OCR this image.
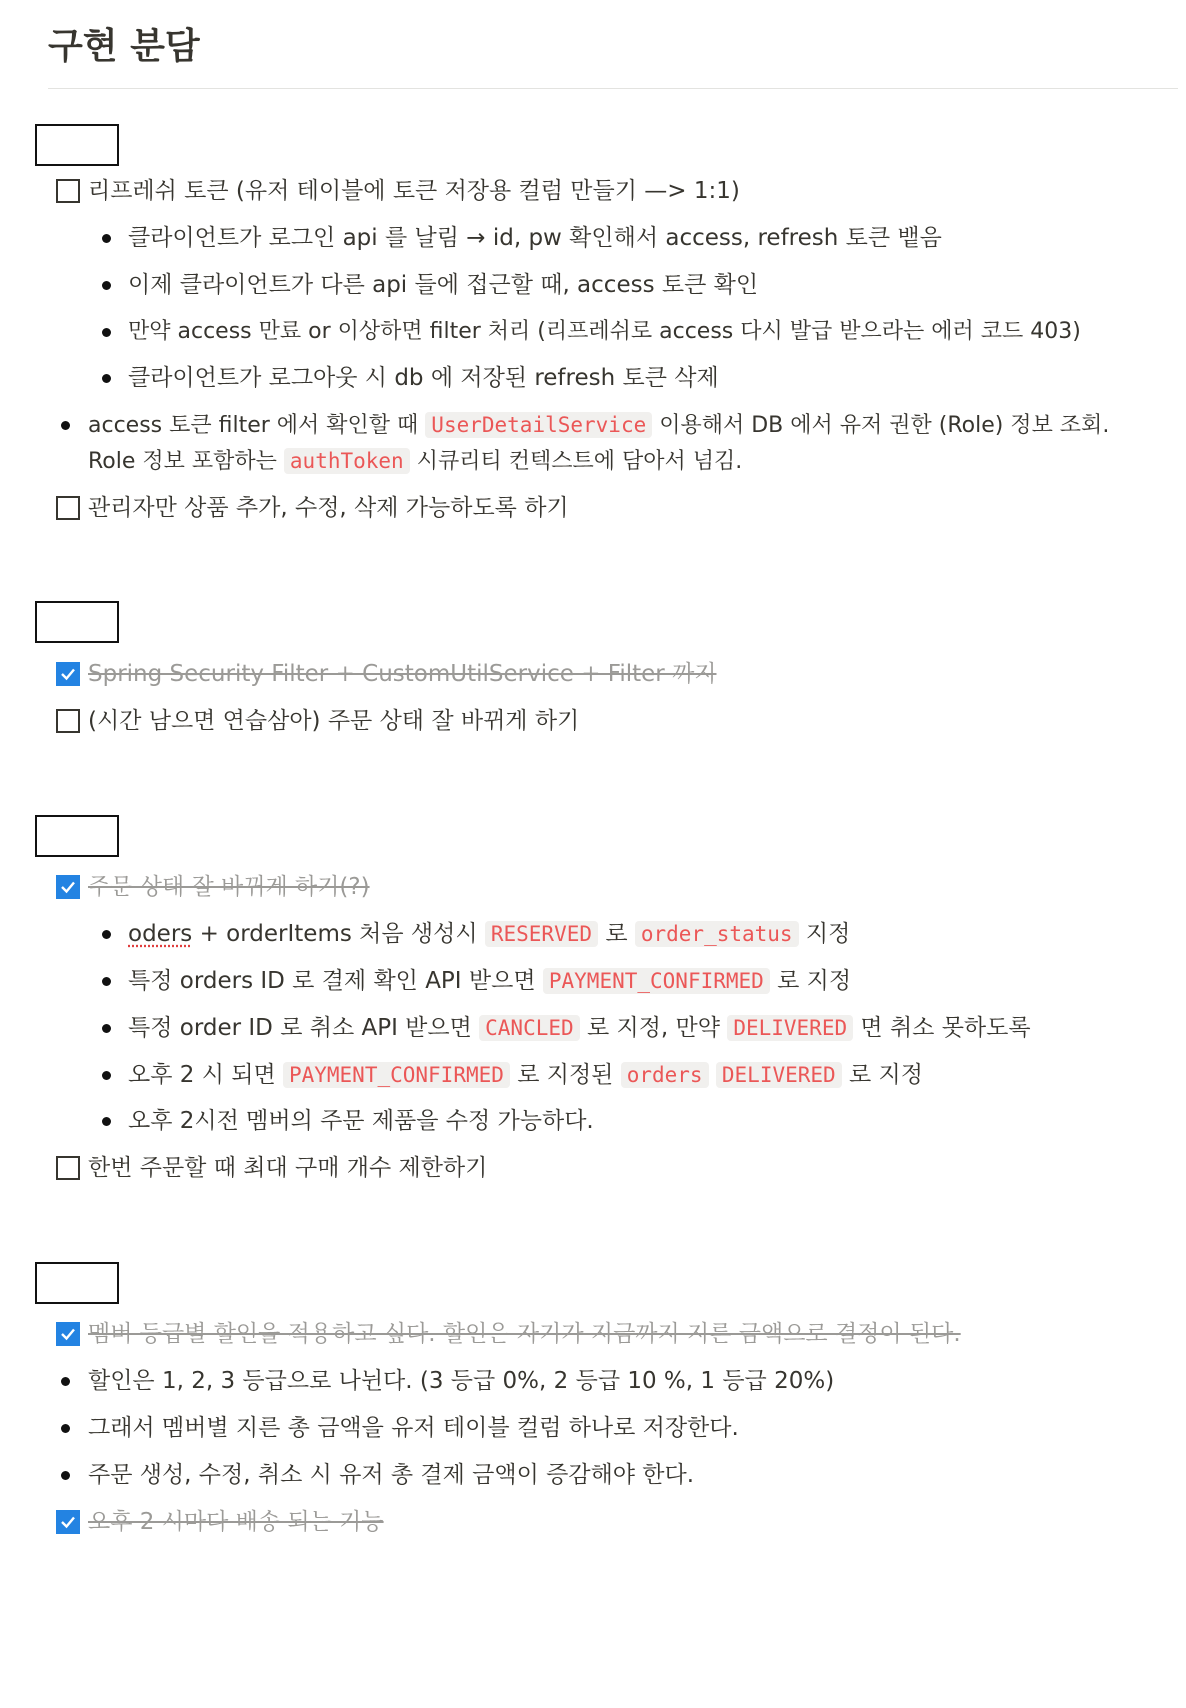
구현 분담
리프레쉬 토큰 (유저 테이블에 토큰 저장용 컬럼 만들기 —> 1:1)
클라이언트가 로그인 api 를 날림 → id, pw 확인해서 access, refresh 토큰 뱉음
이제 클라이언트가 다른 api 들에 접근할 때, access 토큰 확인
만약 access 만료 or 이상하면 filter 처리 (리프레쉬로 access 다시 발급 받으라는 에러 코드 403)
클라이언트가 로그아웃 시 db 에 저장된 refresh 토큰 삭제
access 토큰 filter 에서 확인할 때 UserDetailService 이용해서 DB 에서 유저 권한 (Role) 정보 조회.
Role 정보 포함하는 authToken 시큐리티 컨텍스트에 담아서 넘김.
관리자만 상품 추가, 수정, 삭제 가능하도록 하기
Spring Security Filter + CustomUtilService + Filter 까지
(시간 남으면 연습삼아) 주문 상태 잘 바뀌게 하기
주문 상태 잘 바뀌게 하기(?)
oders + orderItems 처음 생성시 RESERVED 로 order_status 지정
특정 orders ID 로 결제 확인 API 받으면 PAYMENT_CONFIRMED 로 지정
특정 order ID 로 취소 API 받으면 CANCLED 로 지정, 만약 DELIVERED 면 취소 못하도록
오후 2 시 되면 PAYMENT_CONFIRMED 로 지정된 orders DELIVERED 로 지정
오후 2시전 멤버의 주문 제품을 수정 가능하다.
한번 주문할 때 최대 구매 개수 제한하기
멤버 등급별 할인을 적용하고 싶다. 할인은 자기가 지금까지 지른 금액으로 결정이 된다.
할인은 1, 2, 3 등급으로 나뉜다. (3 등급 0%, 2 등급 10 %, 1 등급 20%)
그래서 멤버별 지른 총 금액을 유저 테이블 컬럼 하나로 저장한다.
주문 생성, 수정, 취소 시 유저 총 결제 금액이 증감해야 한다.
오후 2 시마다 배송 되는 기능
